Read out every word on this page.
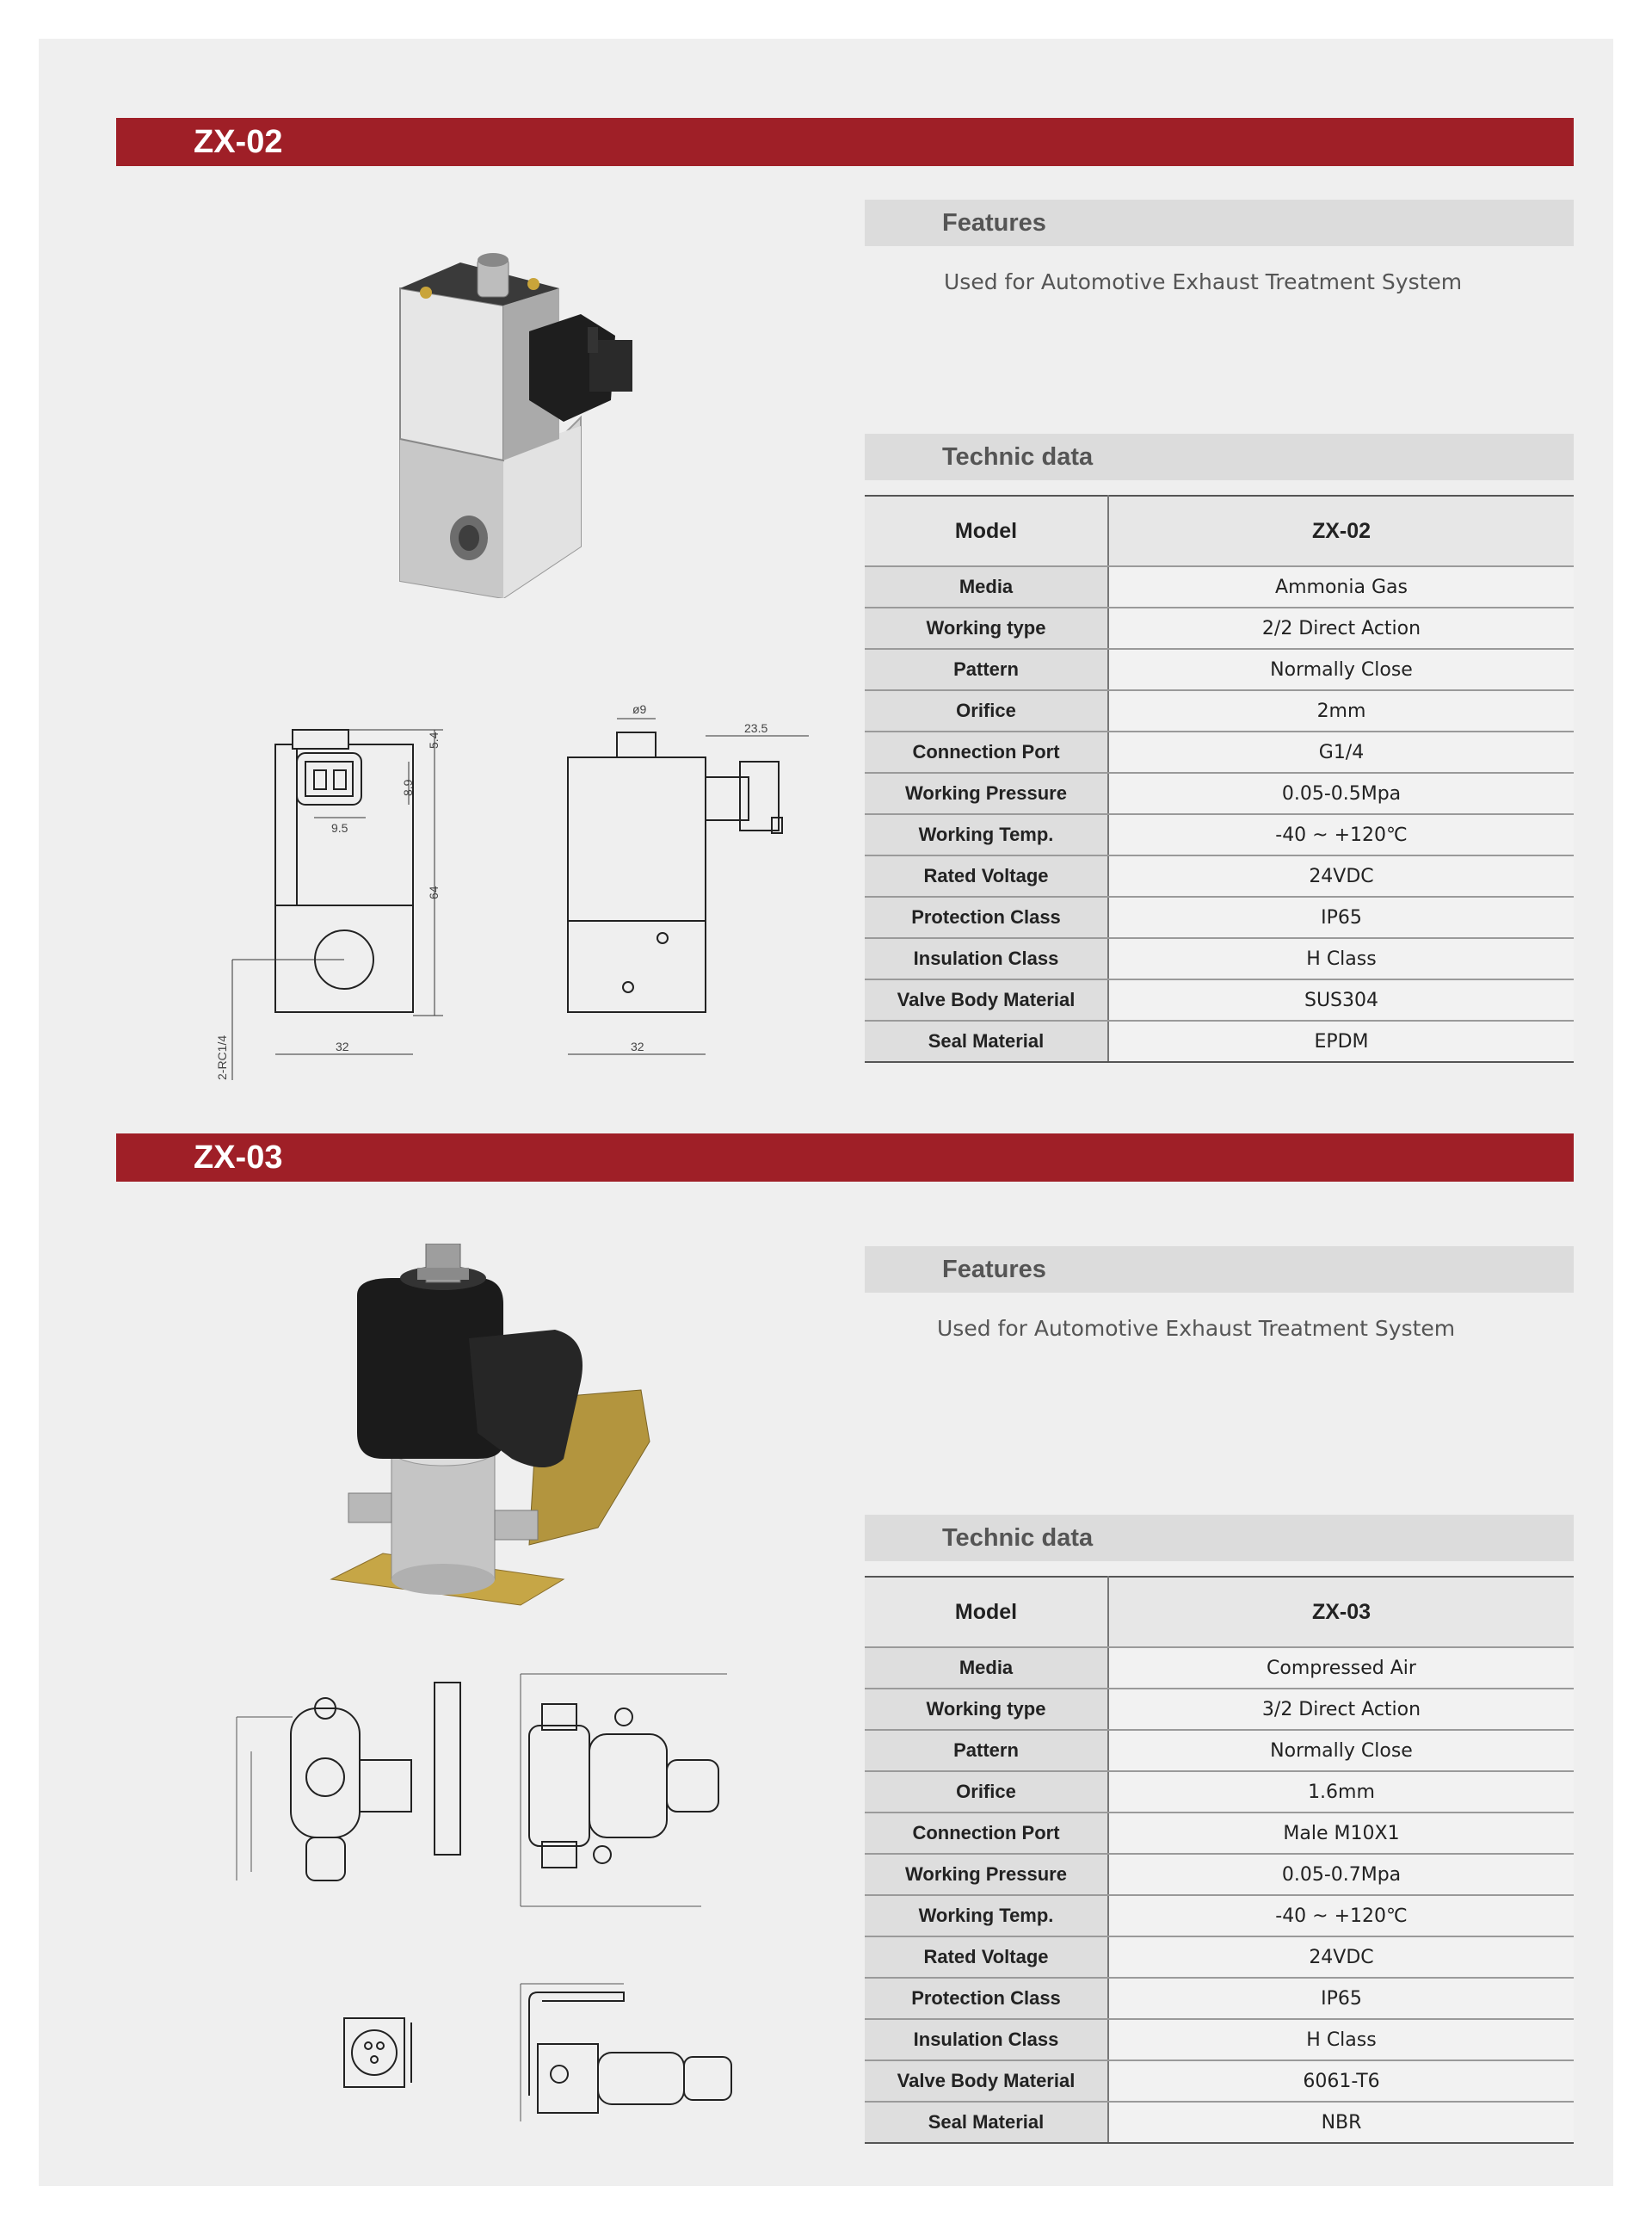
ZX-02
5.4
8.9
9.5
64
2-RC1/4	32
ø9
23.5
32
Features
Used for Automotive Exhaust Treatment System
Technic data
Model	ZX-02
Media	Ammonia Gas
Working type	2/2 Direct Action
Pattern	Normally Close
Orifice	2mm
Connection Port	G1/4
Working Pressure	0.05-0.5Mpa
Working Temp.	-40 ~ +120℃
Rated Voltage	24VDC
Protection Class	IP65
Insulation Class	H Class
Valve Body Material	SUS304
Seal Material	EPDM
ZX-03
Features
Used for Automotive Exhaust Treatment System
Technic data
Model	ZX-03
Media	Compressed Air
Working type	3/2 Direct Action
Pattern	Normally Close
Orifice	1.6mm
Connection Port	Male M10X1
Working Pressure	0.05-0.7Mpa
Working Temp.	-40 ~ +120℃
Rated Voltage	24VDC
Protection Class	IP65
Insulation Class	H Class
Valve Body Material	6061-T6
Seal Material	NBR
